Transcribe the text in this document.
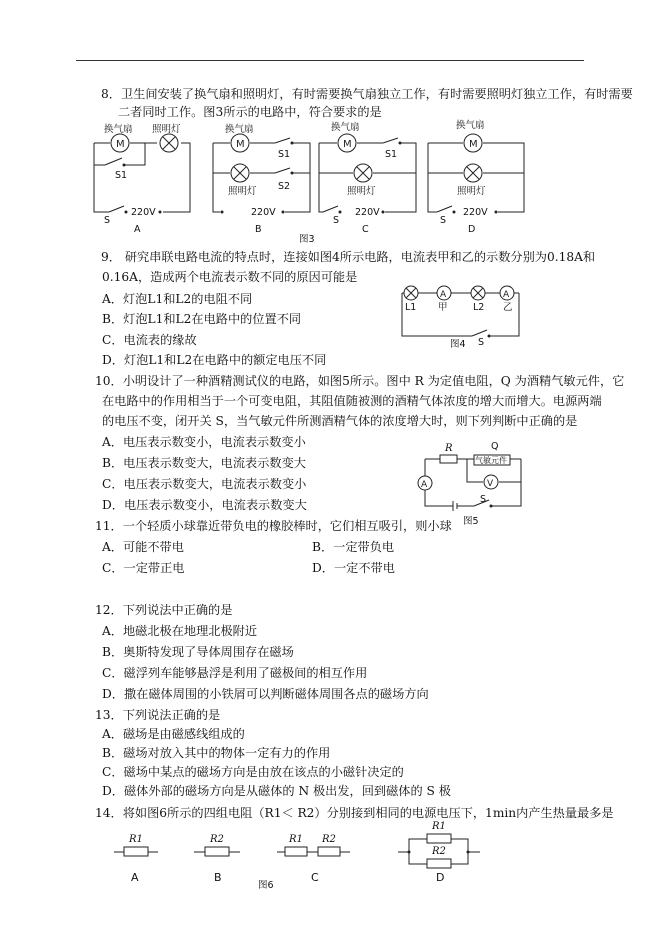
8．卫生间安装了换气扇和照明灯，有时需要换气扇独立工作，有时需要照明灯独立工作，有时需要
二者同时工作。图3所示的电路中，符合要求的是
M	M	M	M
换气扇 照明灯
S1
S
220V
A
换气扇
S1
照明灯 S2
220V
B
换气扇
S1
照明灯
S
220V
C
换气扇
照明灯
S
220V
D
图3
9． 研究串联电路电流的特点时，连接如图4所示电路，电流表甲和乙的示数分别为0.18A和
0.16A，造成两个电流表示数不同的原因可能是
A．灯泡L1和L2的电阻不同
B．灯泡L1和L2在电路中的位置不同
C．电流表的缘故
D．灯泡L1和L2在电路中的额定电压不同
A	A
L1 甲	L2 乙
图4 S
10．小明设计了一种酒精测试仪的电路，如图5所示。图中 R 为定值电阻，Q 为酒精气敏元件，它
在电路中的作用相当于一个可变电阻，其阻值随被测的酒精气体浓度的增大而增大。电源两端
的电压不变，闭开关 S，当气敏元件所测酒精气体的浓度增大时，则下列判断中正确的是
A．电压表示数变小，电流表示数变小
B．电压表示数变大，电流表示数变大
C．电压表示数变大，电流表示数变小
D．电压表示数变小，电流表示数变大
V
A
R	Q
气敏元件
S
图5
11．一个轻质小球靠近带负电的橡胶棒时，它们相互吸引，则小球
A．可能不带电	B．一定带负电
C．一定带正电	D．一定不带电
12．下列说法中正确的是
A．地磁北极在地理北极附近
B．奥斯特发现了导体周围存在磁场
C．磁浮列车能够悬浮是利用了磁极间的相互作用
D．撒在磁体周围的小铁屑可以判断磁体周围各点的磁场方向
13．下列说法正确的是
A．磁场是由磁感线组成的
B．磁场对放入其中的物体一定有力的作用
C．磁场中某点的磁场方向是由放在该点的小磁针决定的
D．磁体外部的磁场方向是从磁体的 N 极出发，回到磁体的 S 极
14．将如图6所示的四组电阻（R1＜ R2）分别接到相同的电源电压下，1min内产生热量最多是
R1	R2	R1 R2
R1
R2
A	B	C	D
图6
